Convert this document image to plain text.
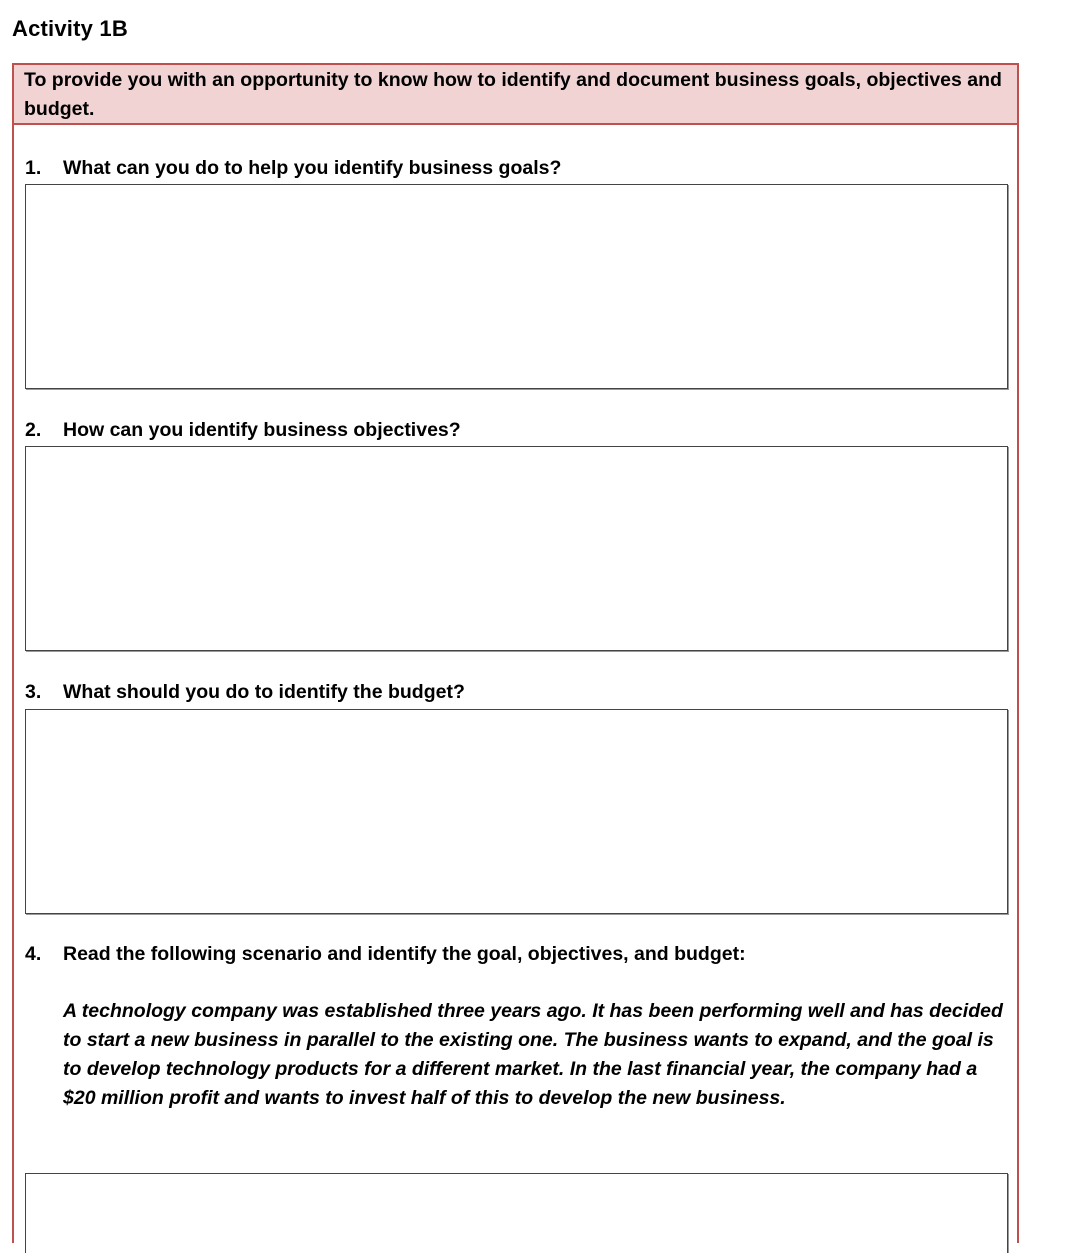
Activity 1B
To provide you with an opportunity to know how to identify and document business goals, objectives and budget.
1. What can you do to help you identify business goals?
2. How can you identify business objectives?
3. What should you do to identify the budget?
4. Read the following scenario and identify the goal, objectives, and budget:
A technology company was established three years ago. It has been performing well and has decided to start a new business in parallel to the existing one. The business wants to expand, and the goal is to develop technology products for a different market. In the last financial year, the company had a $20 million profit and wants to invest half of this to develop the new business.
